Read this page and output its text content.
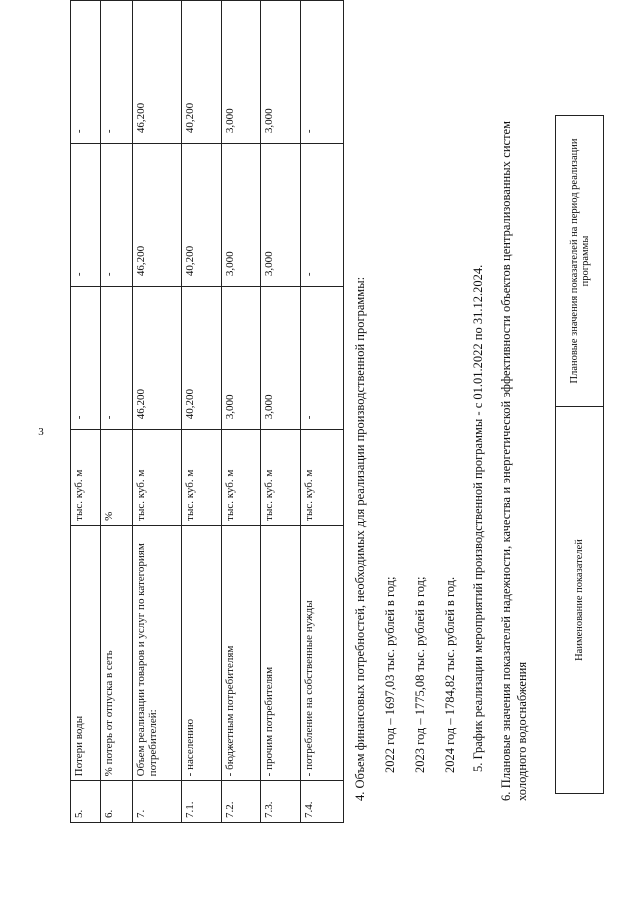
3
5.	Потери воды	тыс. куб. м	-	-	-
6.	% потерь от отпуска в сеть	%	-	-	-
7.	Объем реализации товаров и услуг по категориям потребителей:	тыс. куб. м	46,200	46,200	46,200
7.1.	- населению	тыс. куб. м	40,200	40,200	40,200
7.2.	- бюджетным потребителям	тыс. куб. м	3,000	3,000	3,000
7.3.	- прочим потребителям	тыс. куб. м	3,000	3,000	3,000
7.4.	- потребление на собственные нужды	тыс. куб. м	-	-	-
4. Объем финансовых потребностей, необходимых для реализации производственной программы: 2022 год – 1697,03 тыс. рублей в год; 2023 год – 1775,08 тыс. рублей в год; 2024 год – 1784,82 тыс. рублей в год. 5. График реализации мероприятий производственной программы - с 01.01.2022 по 31.12.2024. 6. Плановые значения показателей надежности, качества и энергетической эффективности объектов централизованных систем холодного водоснабжения
Наименование показателей	Плановые значения показателей на период реализации программы
